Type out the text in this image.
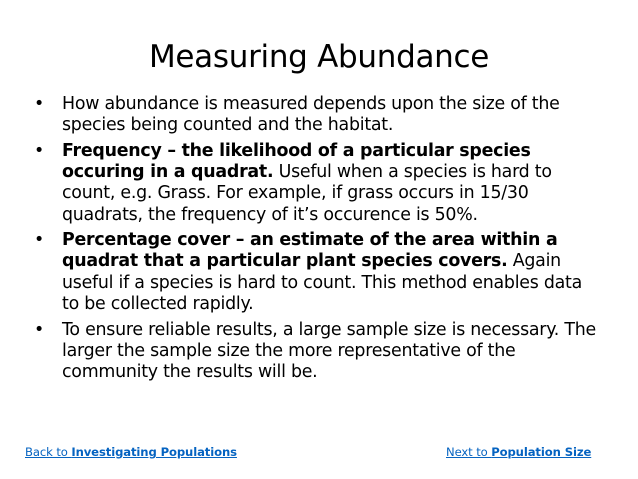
Measuring Abundance
• How abundance is measured depends upon the size of the species being counted and the habitat.
• Frequency – the likelihood of a particular species occuring in a quadrat. Useful when a species is hard to count, e.g. Grass. For example, if grass occurs in 15/30 quadrats, the frequency of it’s occurence is 50%.
• Percentage cover – an estimate of the area within a quadrat that a particular plant species covers. Again useful if a species is hard to count. This method enables data to be collected rapidly.
• To ensure reliable results, a large sample size is necessary. The larger the sample size the more representative of the community the results will be.
Back to Investigating Populations	Next to Population Size
